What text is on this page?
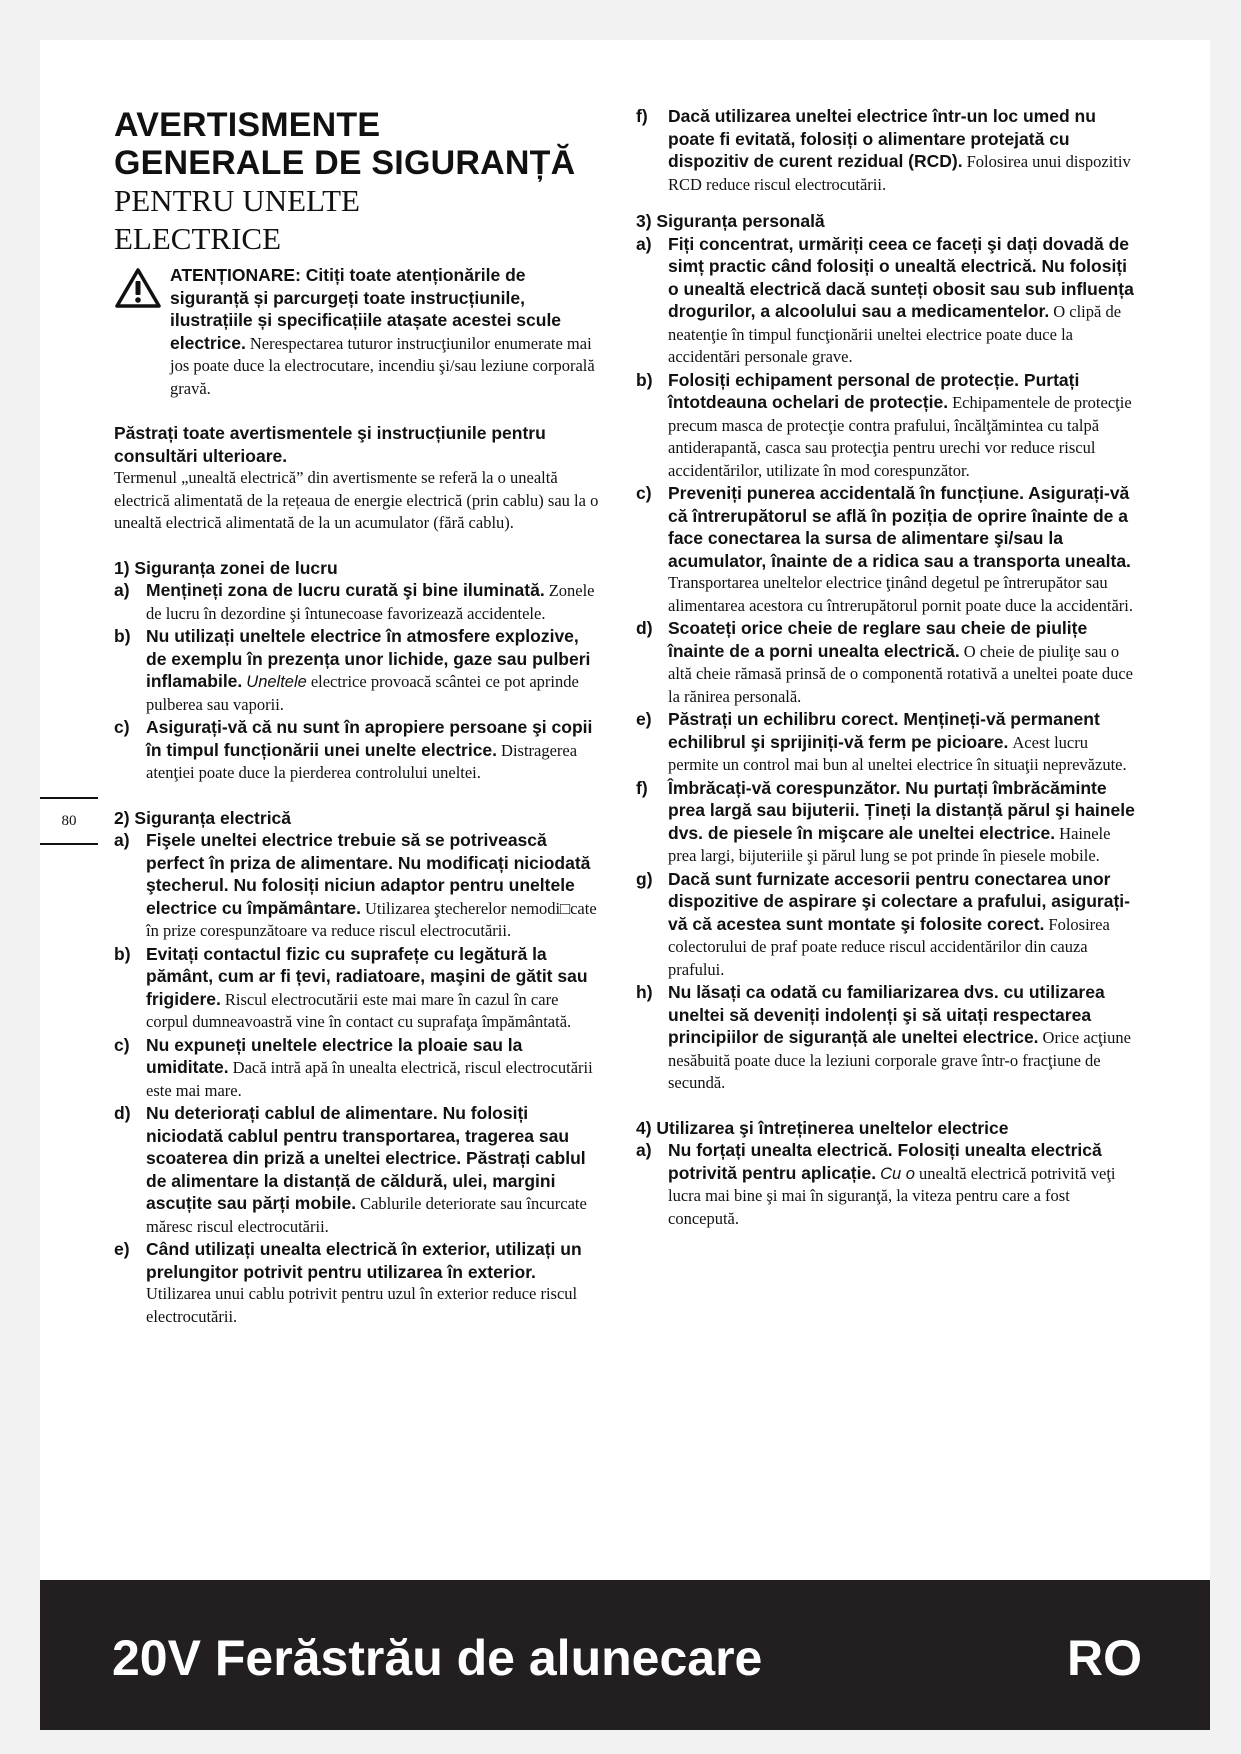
80

AVERTISMENTE

GENERALE DE SIGURANȚĂ

PENTRU UNELTE

ELECTRICE

ATENȚIONARE: Citiți toate atenționările de siguranță și parcurgeți toate instrucțiunile, ilustrațiile și specificațiile atașate acestei scule electrice. Nerespectarea tuturor instrucţiunilor enumerate mai jos poate duce la electrocutare, incendiu şi/sau leziune corporală gravă.

Păstrați toate avertismentele şi instrucțiunile pentru consultări ulterioare.

Termenul „unealtă electrică” din avertismente se referă la o unealtă electrică alimentată de la rețeaua de energie electrică (prin cablu) sau la o unealtă electrică alimentată de la un acumulator (fără cablu).

1) Siguranța zonei de lucru

a) Mențineți zona de lucru curată şi bine iluminată. Zonele de lucru în dezordine şi întunecoase favorizează accidentele.
b) Nu utilizați uneltele electrice în atmosfere explozive, de exemplu în prezența unor lichide, gaze sau pulberi inflamabile. Uneltele electrice provoacă scântei ce pot aprinde pulberea sau vaporii.
c) Asigurați-vă că nu sunt în apropiere persoane şi copii în timpul funcționării unei unelte electrice. Distragerea atenţiei poate duce la pierderea controlului uneltei.

2) Siguranța electrică

a) Fişele uneltei electrice trebuie să se potrivească perfect în priza de alimentare. Nu modificați niciodată ştecherul. Nu folosiți niciun adaptor pentru uneltele electrice cu împământare. Utilizarea ştecherelor nemodi□cate în prize corespunzătoare va reduce riscul electrocutării.
b) Evitați contactul fizic cu suprafețe cu legătură la pământ, cum ar fi țevi, radiatoare, maşini de gătit sau frigidere. Riscul electrocutării este mai mare în cazul în care corpul dumneavoastră vine în contact cu suprafaţa împământată.
c) Nu expuneți uneltele electrice la ploaie sau la umiditate. Dacă intră apă în unealta electrică, riscul electrocutării este mai mare.
d) Nu deteriorați cablul de alimentare. Nu folosiți niciodată cablul pentru transportarea, tragerea sau scoaterea din priză a uneltei electrice. Păstrați cablul de alimentare la distanță de căldură, ulei, margini ascuțite sau părți mobile. Cablurile deteriorate sau încurcate măresc riscul electrocutării.
e) Când utilizați unealta electrică în exterior, utilizați un prelungitor potrivit pentru utilizarea în exterior. Utilizarea unui cablu potrivit pentru uzul în exterior reduce riscul electrocutării.
f) Dacă utilizarea uneltei electrice într-un loc umed nu poate fi evitată, folosiți o alimentare protejată cu dispozitiv de curent rezidual (RCD). Folosirea unui dispozitiv RCD reduce riscul electrocutării.

3) Siguranța personală

a) Fiți concentrat, urmăriți ceea ce faceți şi dați dovadă de simț practic când folosiți o unealtă electrică. Nu folosiți o unealtă electrică dacă sunteți obosit sau sub influența drogurilor, a alcoolului sau a medicamentelor. O clipă de neatenţie în timpul funcţionării uneltei electrice poate duce la accidentări personale grave.
b) Folosiți echipament personal de protecție. Purtați întotdeauna ochelari de protecție. Echipamentele de protecţie precum masca de protecţie contra prafului, încălţămintea cu talpă antiderapantă, casca sau protecţia pentru urechi vor reduce riscul accidentărilor, utilizate în mod corespunzător.
c) Preveniți punerea accidentală în funcțiune. Asigurați-vă că întrerupătorul se află în poziția de oprire înainte de a face conectarea la sursa de alimentare şi/sau la acumulator, înainte de a ridica sau a transporta unealta. Transportarea uneltelor electrice ţinând degetul pe întrerupător sau alimentarea acestora cu întrerupătorul pornit poate duce la accidentări.
d) Scoateți orice cheie de reglare sau cheie de piulițe înainte de a porni unealta electrică. O cheie de piuliţe sau o altă cheie rămasă prinsă de o componentă rotativă a uneltei poate duce la rănirea personală.
e) Păstrați un echilibru corect. Mențineți-vă permanent echilibrul şi sprijiniți-vă ferm pe picioare. Acest lucru permite un control mai bun al uneltei electrice în situaţii neprevăzute.
f) Îmbrăcați-vă corespunzător. Nu purtați îmbrăcăminte prea largă sau bijuterii. Țineți la distanță părul şi hainele dvs. de piesele în mişcare ale uneltei electrice. Hainele prea largi, bijuteriile şi părul lung se pot prinde în piesele mobile.
g) Dacă sunt furnizate accesorii pentru conectarea unor dispozitive de aspirare şi colectare a prafului, asigurați-vă că acestea sunt montate şi folosite corect. Folosirea colectorului de praf poate reduce riscul accidentărilor din cauza prafului.
h) Nu lăsați ca odată cu familiarizarea dvs. cu utilizarea uneltei să deveniți indolenți şi să uitați respectarea principiilor de siguranță ale uneltei electrice. Orice acţiune nesăbuită poate duce la leziuni corporale grave într-o fracţiune de secundă.

4) Utilizarea şi întreținerea uneltelor electrice

a) Nu forțați unealta electrică. Folosiți unealta electrică potrivită pentru aplicație. Cu o unealtă electrică potrivită veţi lucra mai bine şi mai în siguranţă, la viteza pentru care a fost concepută.
20V Ferăstrău de alunecare	RO
